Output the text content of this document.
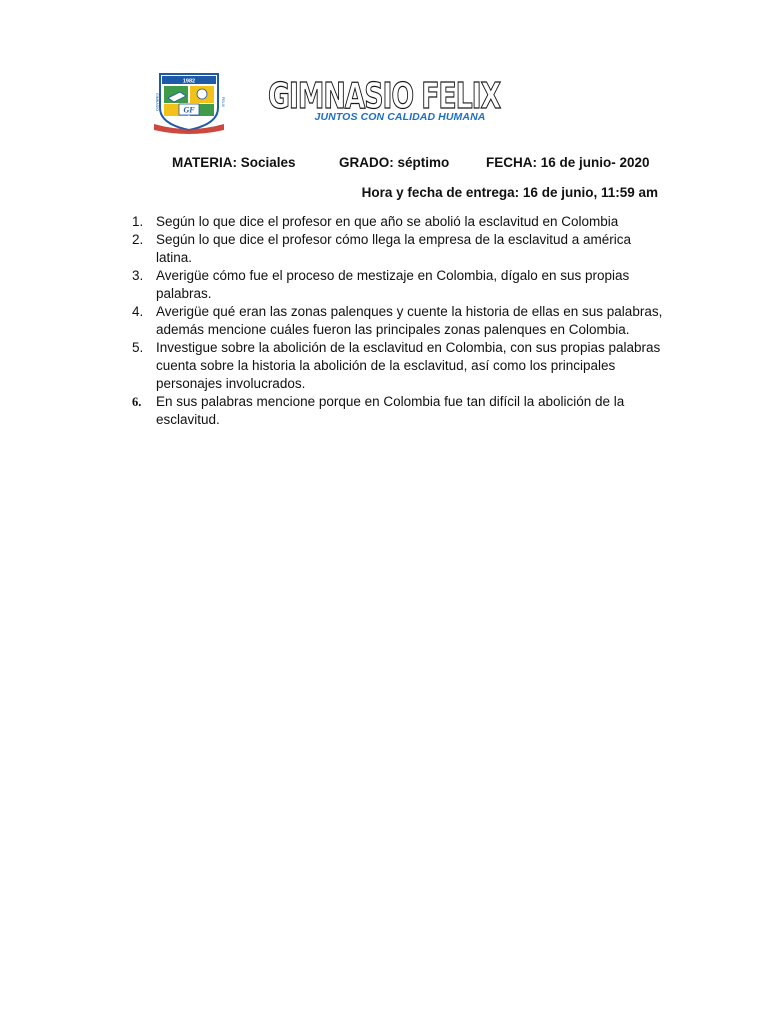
1982
GF
GIMNASIO	FELIX GIMNASIO FELIX
JUNTOS CON CALIDAD HUMANA
MATERIA: Sociales	GRADO: séptimo	FECHA: 16 de junio- 2020
Hora y fecha de entrega: 16 de junio, 11:59 am
1. Según lo que dice el profesor en que año se abolió la esclavitud en Colombia
2. Según lo que dice el profesor cómo llega la empresa de la esclavitud a américa latina.
3. Averigüe cómo fue el proceso de mestizaje en Colombia, dígalo en sus propias palabras.
4. Averigüe qué eran las zonas palenques y cuente la historia de ellas en sus palabras, además mencione cuáles fueron las principales zonas palenques en Colombia.
5. Investigue sobre la abolición de la esclavitud en Colombia, con sus propias palabras cuenta sobre la historia la abolición de la esclavitud, así como los principales personajes involucrados.
6.	En sus palabras mencione porque en Colombia fue tan difícil la abolición de la esclavitud.
